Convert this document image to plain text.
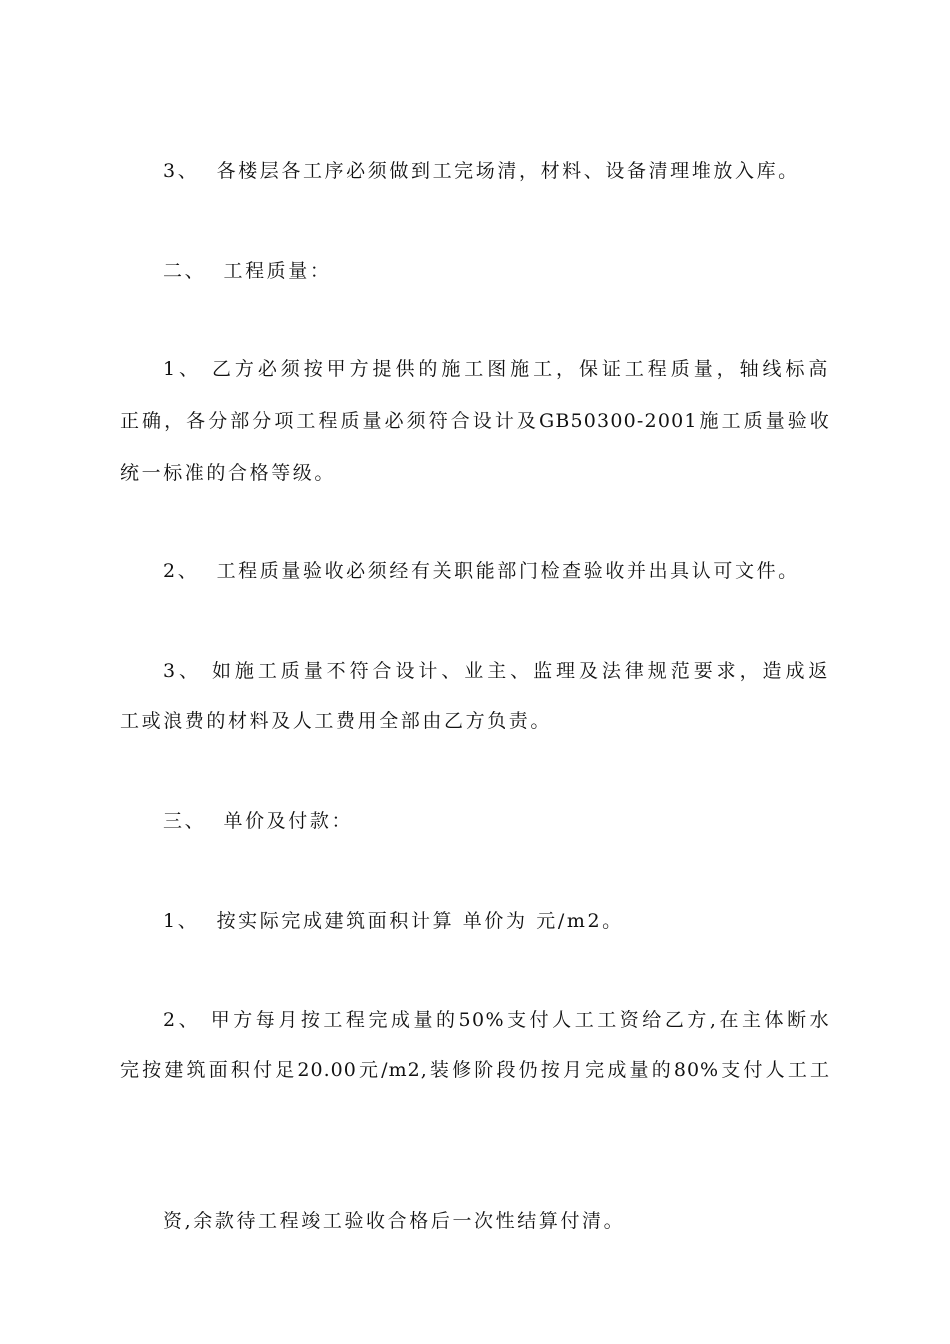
3、  各楼层各工序必须做到工完场清，材料、设备清理堆放入库。
二、  工程质量：
1、 乙方必须按甲方提供的施工图施工，保证工程质量，轴线标高
正确，各分部分项工程质量必须符合设计及GB50300-2001施工质量验收
统一标准的合格等级。
2、  工程质量验收必须经有关职能部门检查验收并出具认可文件。
3、 如施工质量不符合设计、业主、监理及法律规范要求，造成返
工或浪费的材料及人工费用全部由乙方负责。
三、  单价及付款：
1、  按实际完成建筑面积计算 单价为 元/m2。
2、 甲方每月按工程完成量的50%支付人工工资给乙方,在主体断水
完按建筑面积付足20.00元/m2,装修阶段仍按月完成量的80%支付人工工
资,余款待工程竣工验收合格后一次性结算付清。
